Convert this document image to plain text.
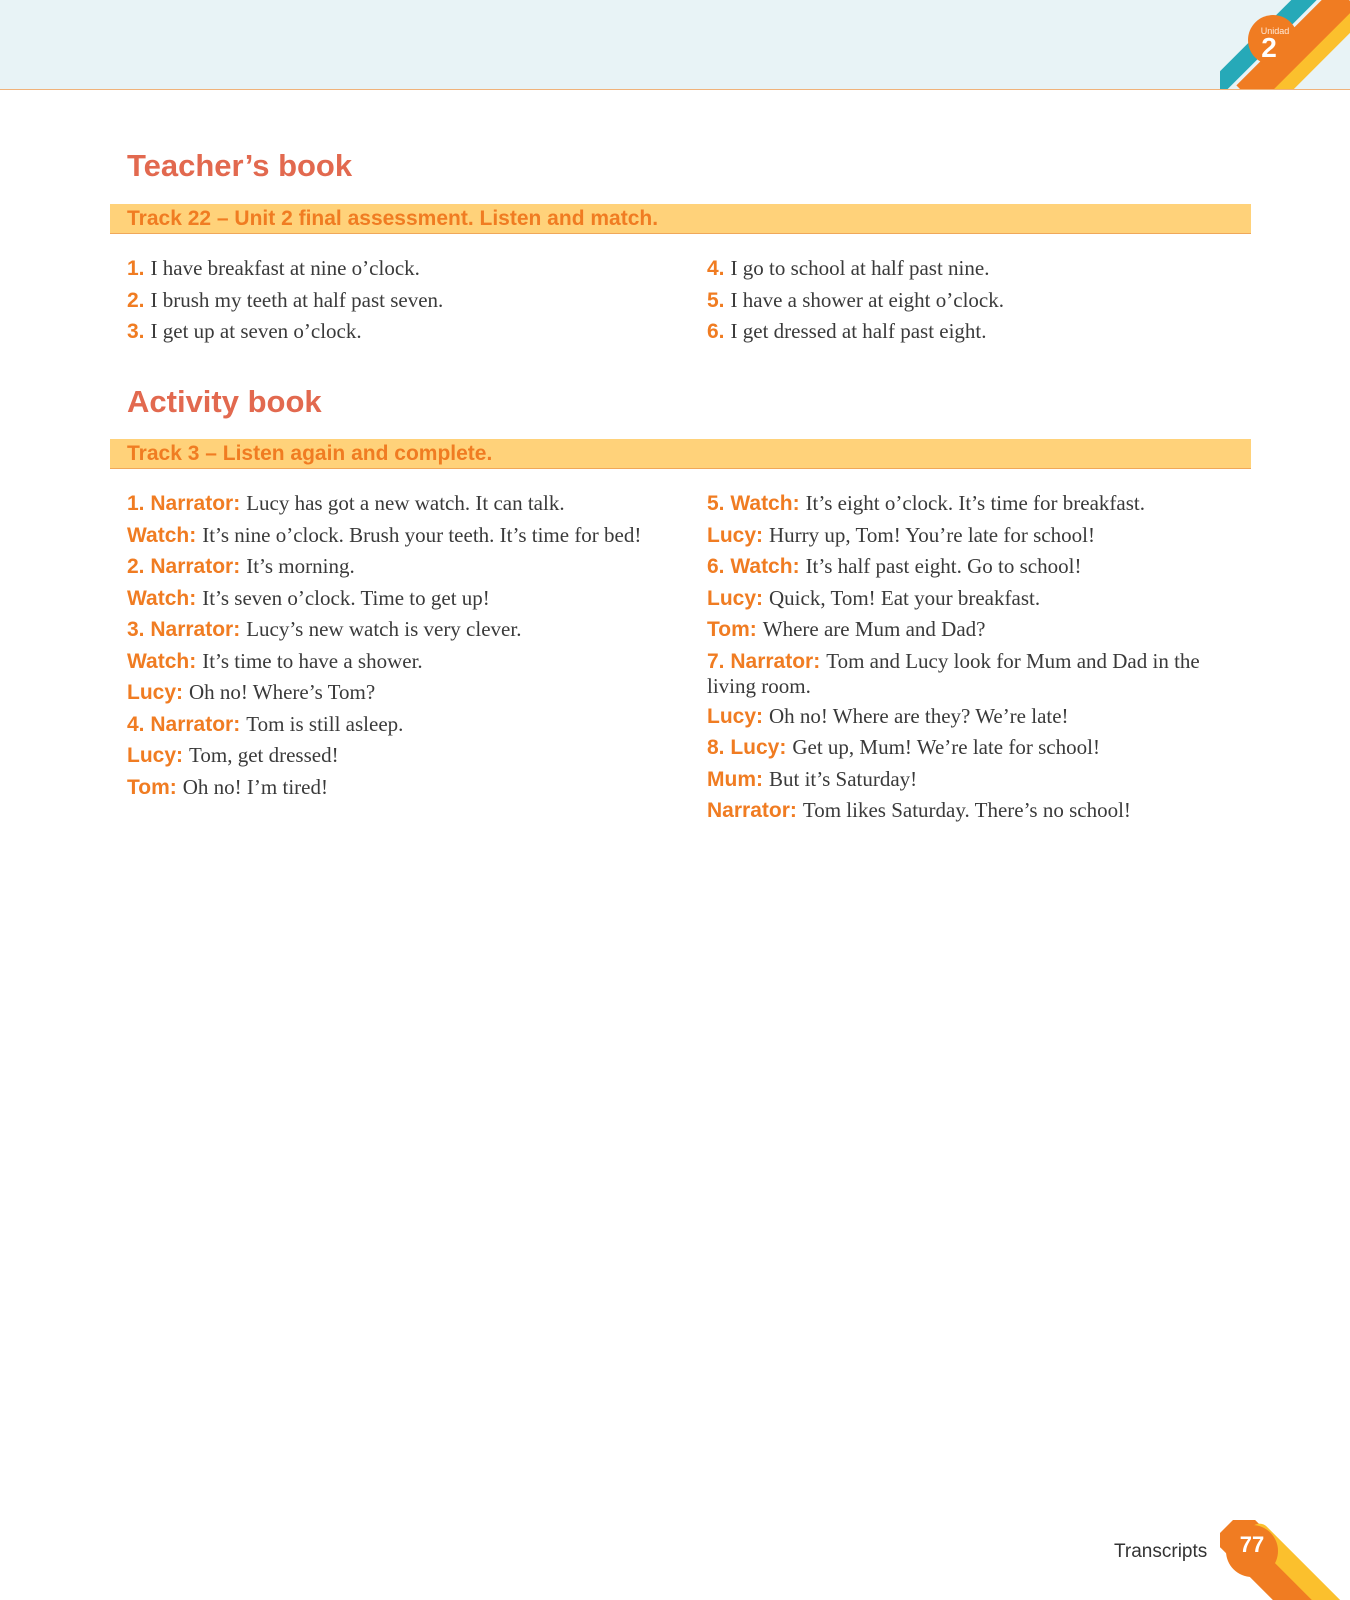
Unidad
2
Teacher’s book
Track 22 – Unit 2 final assessment. Listen and match.

1. I have breakfast at nine o’clock.

2. I brush my teeth at half past seven.

3. I get up at seven o’clock.

4. I go to school at half past nine.

5. I have a shower at eight o’clock.

6. I get dressed at half past eight.

Activity book
Track 3 – Listen again and complete.

1. Narrator: Lucy has got a new watch. It can talk.

Watch: It’s nine o’clock. Brush your teeth. It’s time for bed!

2. Narrator: It’s morning.

Watch: It’s seven o’clock. Time to get up!

3. Narrator: Lucy’s new watch is very clever.

Watch: It’s time to have a shower.

Lucy: Oh no! Where’s Tom?

4. Narrator: Tom is still asleep.

Lucy: Tom, get dressed!

Tom: Oh no! I’m tired!

5. Watch: It’s eight o’clock. It’s time for breakfast.

Lucy: Hurry up, Tom! You’re late for school!

6. Watch: It’s half past eight. Go to school!

Lucy: Quick, Tom! Eat your breakfast.

Tom: Where are Mum and Dad?

7. Narrator: Tom and Lucy look for Mum and Dad in the living room.

Lucy: Oh no! Where are they? We’re late!

8. Lucy: Get up, Mum! We’re late for school!

Mum: But it’s Saturday!

Narrator: Tom likes Saturday. There’s no school!

Transcripts	77
